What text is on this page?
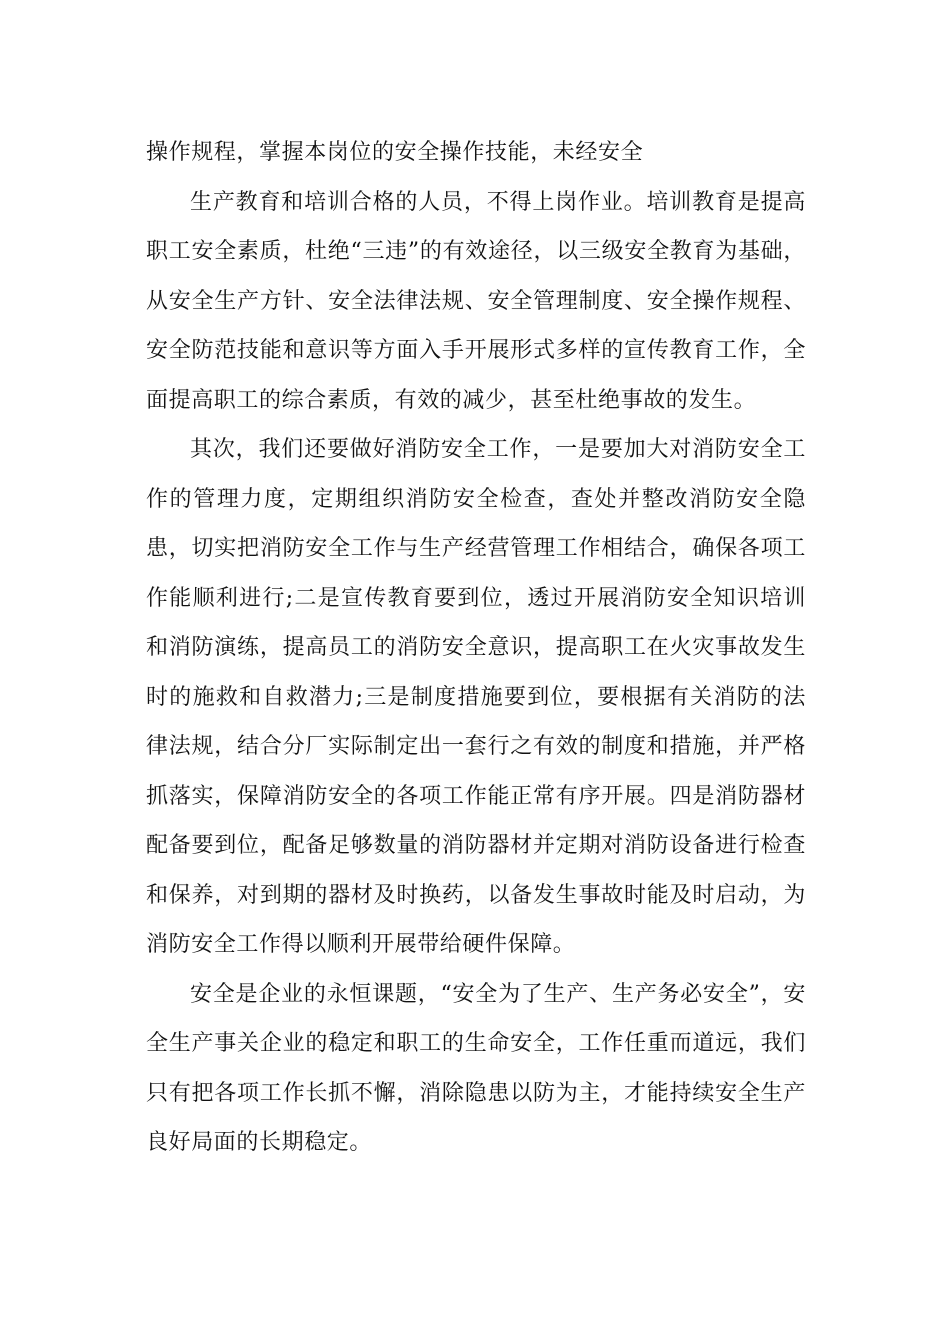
操作规程，掌握本岗位的安全操作技能，未经安全

生产教育和培训合格的人员，不得上岗作业。培训教育是提高职工安全素质，杜绝“三违”的有效途径，以三级安全教育为基础，从安全生产方针、安全法律法规、安全管理制度、安全操作规程、安全防范技能和意识等方面入手开展形式多样的宣传教育工作，全面提高职工的综合素质，有效的减少，甚至杜绝事故的发生。

其次，我们还要做好消防安全工作，一是要加大对消防安全工作的管理力度，定期组织消防安全检查，查处并整改消防安全隐患，切实把消防安全工作与生产经营管理工作相结合，确保各项工作能顺利进行;二是宣传教育要到位，透过开展消防安全知识培训和消防演练，提高员工的消防安全意识，提高职工在火灾事故发生时的施救和自救潜力;三是制度措施要到位，要根据有关消防的法律法规，结合分厂实际制定出一套行之有效的制度和措施，并严格抓落实，保障消防安全的各项工作能正常有序开展。四是消防器材配备要到位，配备足够数量的消防器材并定期对消防设备进行检查和保养，对到期的器材及时换药，以备发生事故时能及时启动，为消防安全工作得以顺利开展带给硬件保障。

安全是企业的永恒课题，“安全为了生产、生产务必安全”，安全生产事关企业的稳定和职工的生命安全，工作任重而道远，我们只有把各项工作长抓不懈，消除隐患以防为主，才能持续安全生产良好局面的长期稳定。
